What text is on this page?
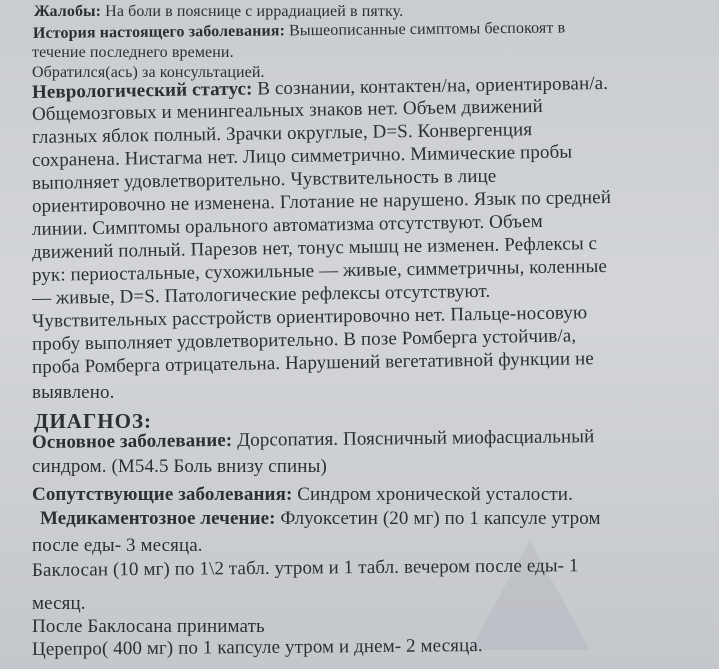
Жалобы: На боли в пояснице с иррадиацией в пятку.
История настоящего заболевания: Вышеописанные симптомы беспокоят в
течение последнего времени.
Обратился(ась) за консультацией.
Неврологический статус: В сознании, контактен/на, ориентирован/а.
Общемозговых и менингеальных знаков нет. Объем движений
глазных яблок полный. Зрачки округлые, D=S. Конвергенция
сохранена. Нистагма нет. Лицо симметрично. Мимические пробы
выполняет удовлетворительно. Чувствительность в лице
ориентировочно не изменена. Глотание не нарушено. Язык по средней
линии. Симптомы орального автоматизма отсутствуют. Объем
движений полный. Парезов нет, тонус мышц не изменен. Рефлексы с
рук: периостальные, сухожильные — живые, симметричны, коленные
— живые, D=S. Патологические рефлексы отсутствуют.
Чувствительных расстройств ориентировочно нет. Пальце-носовую
пробу выполняет удовлетворительно. В позе Ромберга устойчив/а,
проба Ромберга отрицательна. Нарушений вегетативной функции не
выявлено.
ДИАГНОЗ:
Основное заболевание: Дорсопатия. Поясничный миофасциальный
синдром. (M54.5 Боль внизу спины)
Сопутствующие заболевания: Синдром хронической усталости.
Медикаментозное лечение: Флуоксетин (20 мг) по 1 капсуле утром
после еды- 3 месяца.
Баклосан (10 мг) по 1\2 табл. утром и 1 табл. вечером после еды- 1
месяц.
После Баклосана принимать
Церепро( 400 мг) по 1 капсуле утром и днем- 2 месяца.
